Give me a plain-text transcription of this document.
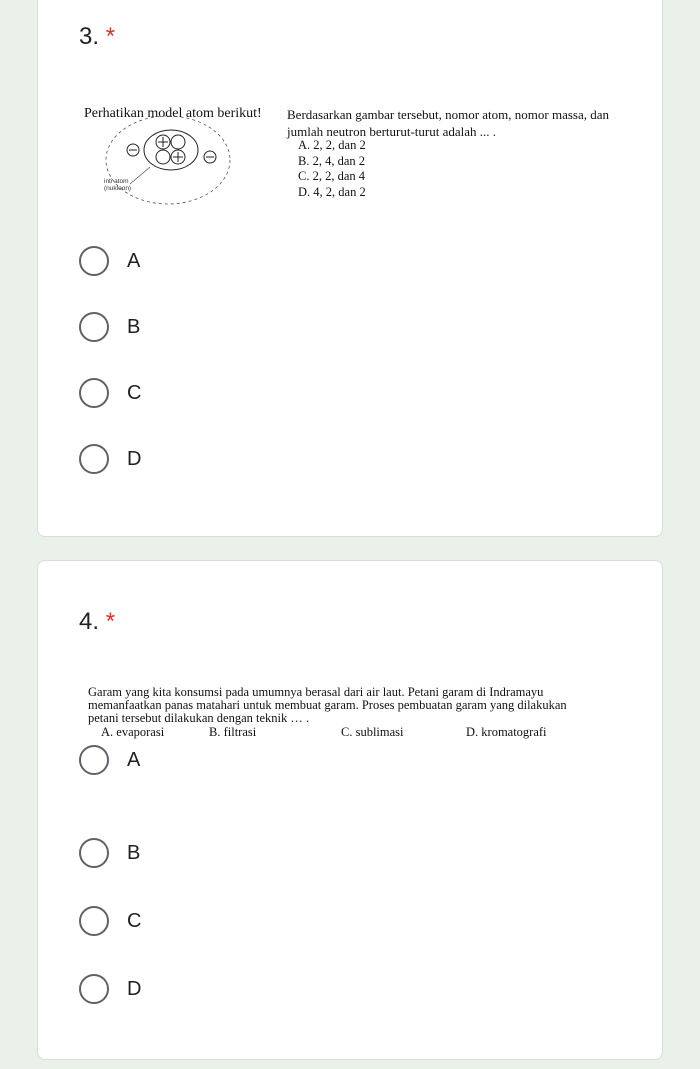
3. *
Perhatikan model atom berikut!
inti atom
(nukleon)
Berdasarkan gambar tersebut, nomor atom, nomor massa, dan
jumlah neutron berturut-turut adalah ... .
A. 2, 2, dan 2
B. 2, 4, dan 2
C. 2, 2, dan 4
D. 4, 2, dan 2
A
B
C
D
4. *
Garam yang kita konsumsi pada umumnya berasal dari air laut. Petani garam di Indramayu
memanfaatkan panas matahari untuk membuat garam. Proses pembuatan garam yang dilakukan
petani tersebut dilakukan dengan teknik … .
A. evaporasi	B. filtrasi	C. sublimasi	D. kromatografi
A
B
C
D
